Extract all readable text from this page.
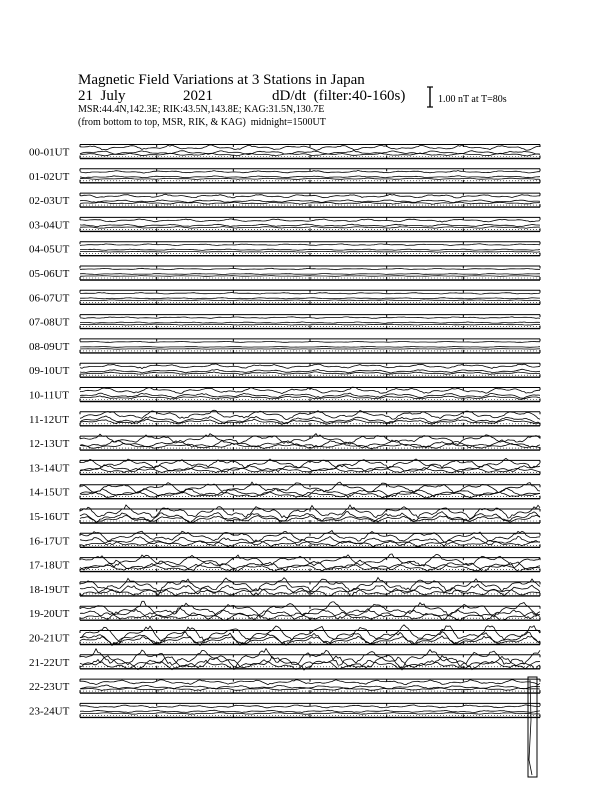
Magnetic Field Variations at 3 Stations in Japan
21 July	2021	dD/dt (filter:40-160s)
MSR:44.4N,142.3E; RIK:43.5N,143.8E; KAG:31.5N,130.7E
(from bottom to top, MSR, RIK, & KAG) midnight=1500UT
1.00 nT at T=80s
00-01UT
01-02UT
02-03UT
03-04UT
04-05UT
05-06UT
06-07UT
07-08UT
08-09UT
09-10UT
10-11UT
11-12UT
12-13UT
13-14UT
14-15UT
15-16UT
16-17UT
17-18UT
18-19UT
19-20UT
20-21UT
21-22UT
22-23UT
23-24UT
